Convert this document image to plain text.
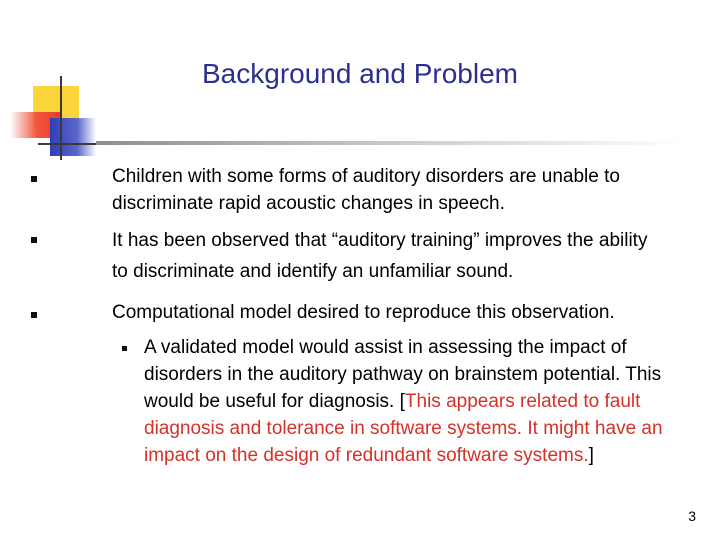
Background and Problem
Children with some forms of auditory disorders are unable to discriminate rapid acoustic changes in speech.
It has been observed that “auditory training” improves the ability
to discriminate and identify an unfamiliar sound.
Computational model desired to reproduce this observation.
A validated model would assist in assessing the impact of disorders in the auditory pathway on brainstem potential. This would be useful for diagnosis. [This appears related to fault diagnosis and tolerance in software systems. It might have an impact on the design of redundant software systems.]
3
